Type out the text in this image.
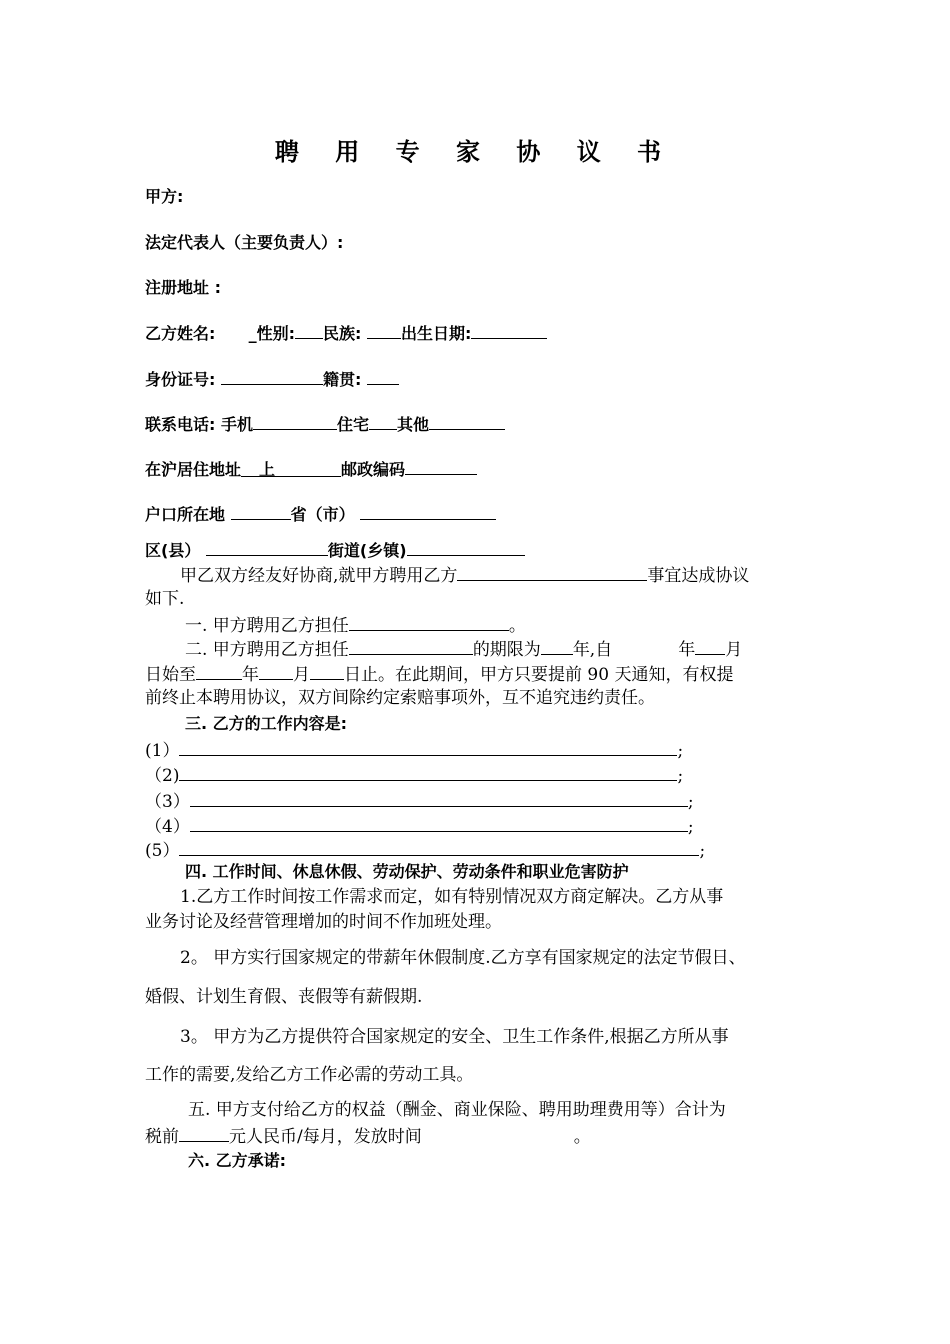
聘 用 专 家 协 议 书
甲方:
法定代表人（主要负责人）:
注册地址 :
乙方姓名: _性别: 民族: 出生日期:
身份证号:	籍贯:
联系电话: 手机	住宅 其他
在沪居住地址 上	邮政编码
户口所在地	省（市）
区(县）	街道(乡镇)
甲乙双方经友好协商,就甲方聘用乙方	事宜达成协议
如下.
一. 甲方聘用乙方担任	。
二. 甲方聘用乙方担任	的期限为 年,自	年 月
日始至	年 月 日止。在此期间，甲方只要提前 90 天通知，有权提
前终止本聘用协议，双方间除约定索赔事项外，互不追究违约责任。
三. 乙方的工作内容是:
(1）	;
（2)	;
（3）	;
（4）	;
(5）	;
四. 工作时间、休息休假、劳动保护、劳动条件和职业危害防护
1.乙方工作时间按工作需求而定，如有特别情况双方商定解决。乙方从事
业务讨论及经营管理增加的时间不作加班处理。
2。 甲方实行国家规定的带薪年休假制度.乙方享有国家规定的法定节假日、
婚假、计划生育假、丧假等有薪假期.
3。 甲方为乙方提供符合国家规定的安全、卫生工作条件,根据乙方所从事
工作的需要,发给乙方工作必需的劳动工具。
五. 甲方支付给乙方的权益（酬金、商业保险、聘用助理费用等）合计为
税前	元人民币/每月，发放时间	。
六. 乙方承诺:
